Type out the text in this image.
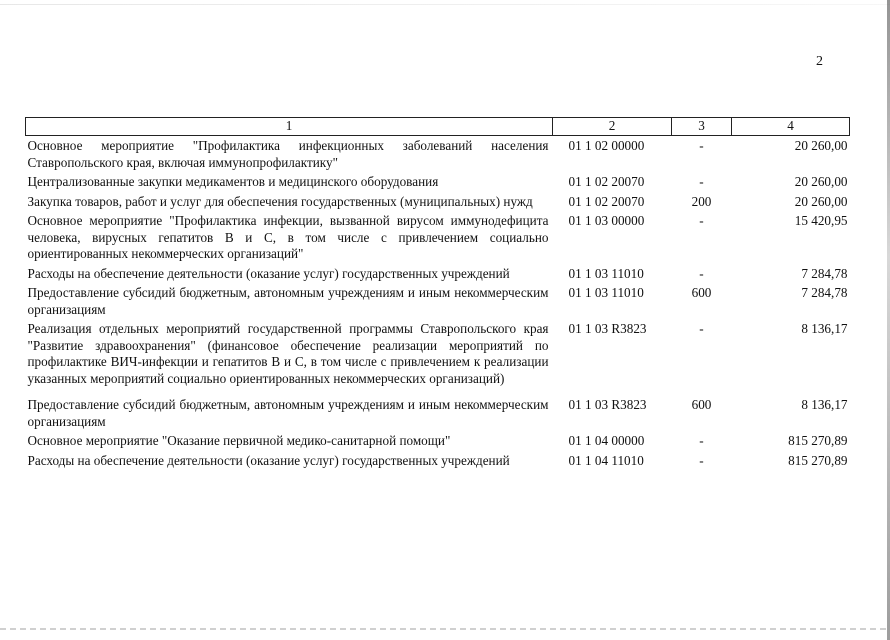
2
1	2	3	4
Основное мероприятие "Профилактика инфекционных заболеваний населения Ставропольского края, включая иммунопрофилактику"	01 1 02 00000	-	20 260,00
Централизованные закупки медикаментов и медицинского оборудования	01 1 02 20070	-	20 260,00
Закупка товаров, работ и услуг для обеспечения государственных (муниципальных) нужд	01 1 02 20070	200	20 260,00
Основное мероприятие "Профилактика инфекции, вызванной вирусом иммунодефицита человека, вирусных гепатитов В и С, в том числе с привлечением социально ориентированных некоммерческих организаций"	01 1 03 00000	-	15 420,95
Расходы на обеспечение деятельности (оказание услуг) государственных учреждений	01 1 03 11010	-	7 284,78
Предоставление субсидий бюджетным, автономным учреждениям и иным некоммерческим организациям	01 1 03 11010	600	7 284,78
Реализация отдельных мероприятий государственной программы Ставропольского края "Развитие здравоохранения" (финансовое обеспечение реализации мероприятий по профилактике ВИЧ-инфекции и гепатитов В и С, в том числе с привлечением к реализации указанных мероприятий социально ориентированных некоммерческих организаций)	01 1 03 R3823	-	8 136,17
Предоставление субсидий бюджетным, автономным учреждениям и иным некоммерческим организациям	01 1 03 R3823	600	8 136,17
Основное мероприятие "Оказание первичной медико-санитарной помощи"	01 1 04 00000	-	815 270,89
Расходы на обеспечение деятельности (оказание услуг) государственных учреждений	01 1 04 11010	-	815 270,89
